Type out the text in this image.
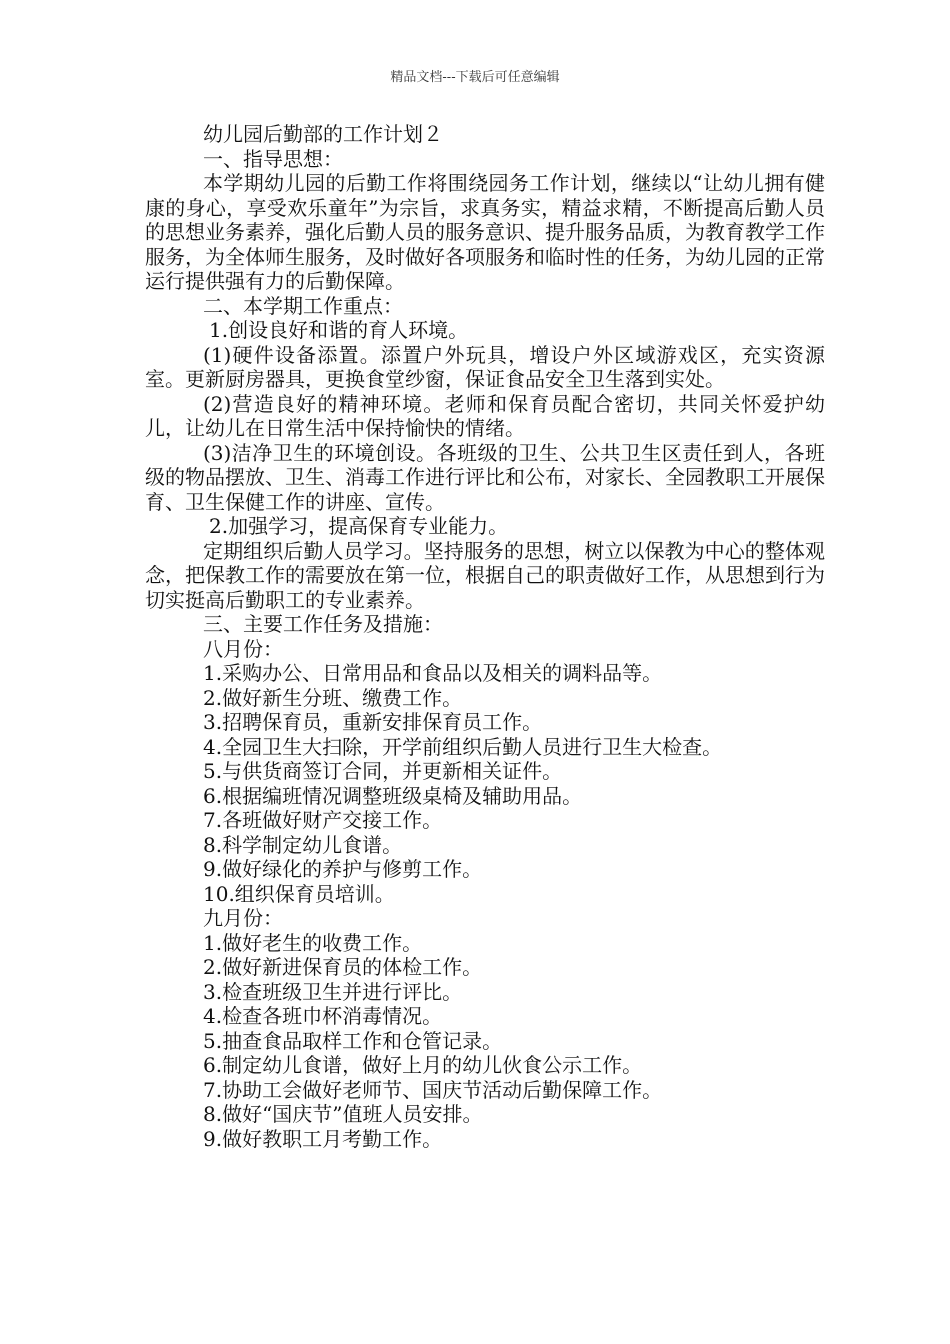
精品文档---下载后可任意编辑

幼儿园后勤部的工作计划２

一、指导思想：

本学期幼儿园的后勤工作将围绕园务工作计划，继续以“让幼儿拥有健康的身心，享受欢乐童年”为宗旨，求真务实，精益求精，不断提高后勤人员的思想业务素养，强化后勤人员的服务意识、提升服务品质，为教育教学工作服务，为全体师生服务，及时做好各项服务和临时性的任务，为幼儿园的正常运行提供强有力的后勤保障。

二、本学期工作重点：

1.创设良好和谐的育人环境。

(1)硬件设备添置。添置户外玩具，增设户外区域游戏区，充实资源室。更新厨房器具，更换食堂纱窗，保证食品安全卫生落到实处。

(2)营造良好的精神环境。老师和保育员配合密切，共同关怀爱护幼儿，让幼儿在日常生活中保持愉快的情绪。

(3)洁净卫生的环境创设。各班级的卫生、公共卫生区责任到人，各班级的物品摆放、卫生、消毒工作进行评比和公布，对家长、全园教职工开展保育、卫生保健工作的讲座、宣传。

2.加强学习，提高保育专业能力。

定期组织后勤人员学习。坚持服务的思想，树立以保教为中心的整体观念，把保教工作的需要放在第一位，根据自己的职责做好工作，从思想到行为切实挺高后勤职工的专业素养。

三、主要工作任务及措施：

八月份：

1.采购办公、日常用品和食品以及相关的调料品等。

2.做好新生分班、缴费工作。

3.招聘保育员，重新安排保育员工作。

4.全园卫生大扫除，开学前组织后勤人员进行卫生大检查。

5.与供货商签订合同，并更新相关证件。

6.根据编班情况调整班级桌椅及辅助用品。

7.各班做好财产交接工作。

8.科学制定幼儿食谱。

9.做好绿化的养护与修剪工作。

10.组织保育员培训。

九月份：

1.做好老生的收费工作。

2.做好新进保育员的体检工作。

3.检查班级卫生并进行评比。

4.检查各班巾杯消毒情况。

5.抽查食品取样工作和仓管记录。

6.制定幼儿食谱，做好上月的幼儿伙食公示工作。

7.协助工会做好老师节、国庆节活动后勤保障工作。

8.做好“国庆节”值班人员安排。

9.做好教职工月考勤工作。
